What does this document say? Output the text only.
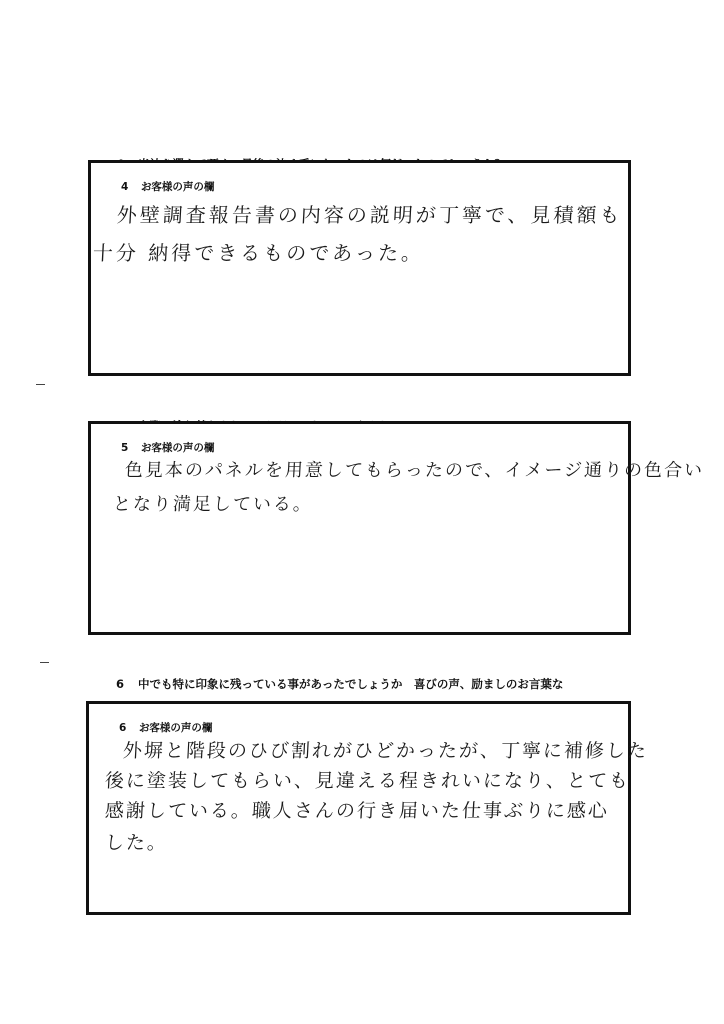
4 お客様の声の欄

外壁調査報告書の内容の説明が丁寧で、見積額も
十分 納得できるものであった。

5 お客様の声の欄

色見本のパネルを用意してもらったので、イメージ通りの色合い
となり満足している。

6 中でも特に印象に残っている事があったでしょうか　喜びの声、励ましのお言葉な

6 お客様の声の欄

外塀と階段のひび割れがひどかったが、丁寧に補修した
後に塗装してもらい、見違える程きれいになり、とても
感謝している。職人さんの行き届いた仕事ぶりに感心
した。
